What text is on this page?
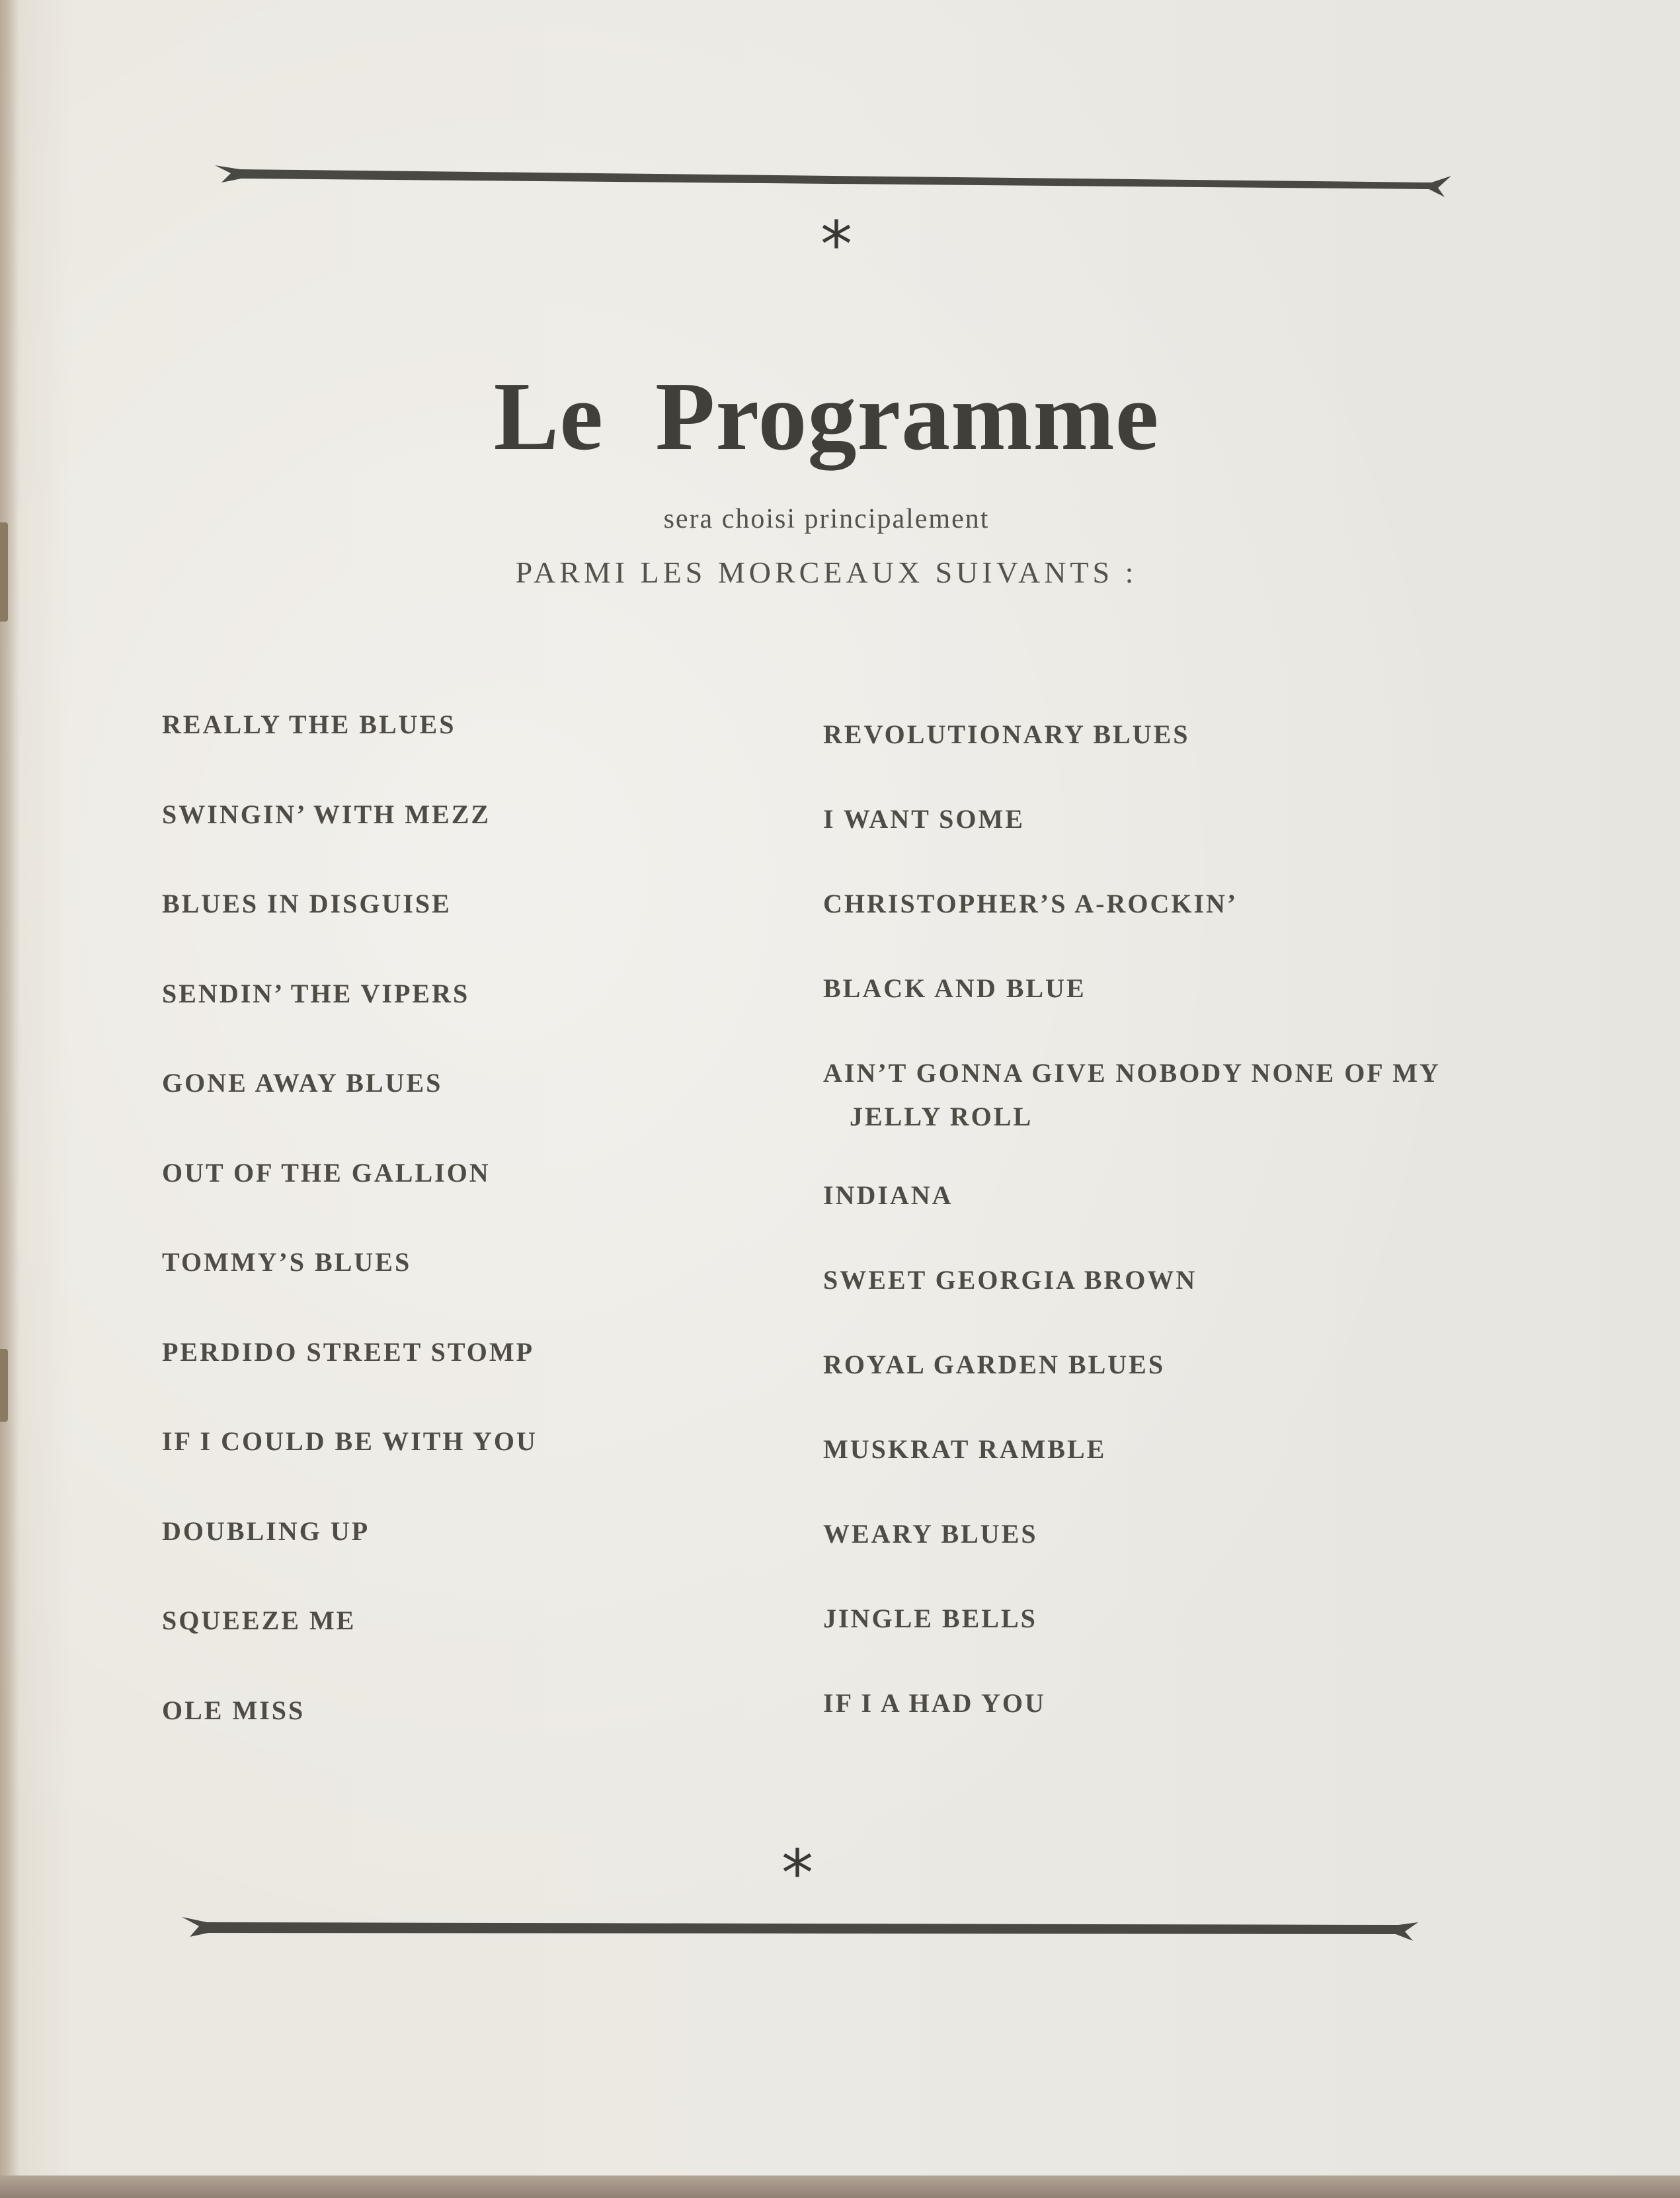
*
Le Programme

sera choisi principalement

PARMI LES MORCEAUX SUIVANTS :

REALLY THE BLUES
SWINGIN’ WITH MEZZ
BLUES IN DISGUISE
SENDIN’ THE VIPERS
GONE AWAY BLUES
OUT OF THE GALLION
TOMMY’S BLUES
PERDIDO STREET STOMP
IF I COULD BE WITH YOU
DOUBLING UP
SQUEEZE ME
OLE MISS
REVOLUTIONARY BLUES
I WANT SOME
CHRISTOPHER’S A-ROCKIN’
BLACK AND BLUE
AIN’T GONNA GIVE NOBODY NONE OF MY
JELLY ROLL
INDIANA
SWEET GEORGIA BROWN
ROYAL GARDEN BLUES
MUSKRAT RAMBLE
WEARY BLUES
JINGLE BELLS
IF I A HAD YOU
*
